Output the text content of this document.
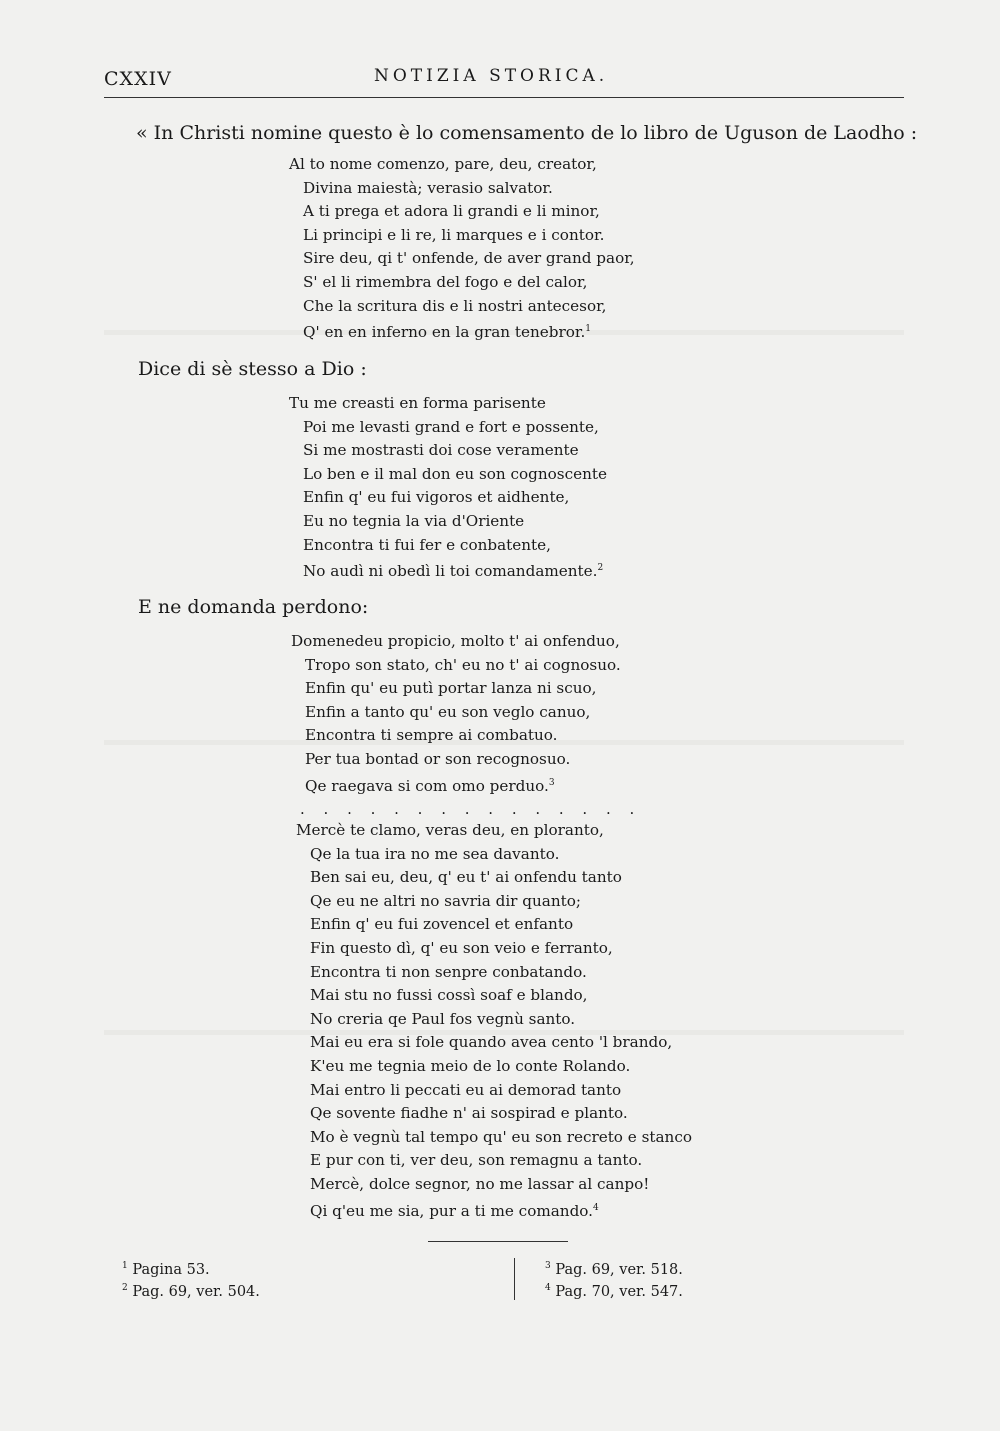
CXXIV	NOTIZIA STORICA.
« In Christi nomine questo è lo comensamento de lo libro de Uguson de Laodho :
Al to nome comenzo, pare, deu, creator,
Divina maiestà; verasio salvator.
A ti prega et adora li grandi e li minor,
Li principi e li re, li marques e i contor.
Sire deu, qi t' onfende, de aver grand paor,
S' el li rimembra del fogo e del calor,
Che la scritura dis e li nostri antecesor,
Q' en en inferno en la gran tenebror.$^1$
Dice di sè stesso a Dio :
Tu me creasti en forma parisente
Poi me levasti grand e fort e possente,
Si me mostrasti doi cose veramente
Lo ben e il mal don eu son cognoscente
Enfin q' eu fui vigoros et aidhente,
Eu no tegnia la via d'Oriente
Encontra ti fui fer e conbatente,
No audì ni obedì li toi comandamente.$^2$
E ne domanda perdono:
Domenedeu propicio, molto t' ai onfenduo,
Tropo son stato, ch' eu no t' ai cognosuo.
Enfin qu' eu putì portar lanza ni scuo,
Enfin a tanto qu' eu son veglo canuo,
Encontra ti sempre ai combatuo.
Per tua bontad or son recognosuo.
Qe raegava si com omo perduo.$^3$
. . . . . . . . . . . . . . .
Mercè te clamo, veras deu, en ploranto,
Qe la tua ira no me sea davanto.
Ben sai eu, deu, q' eu t' ai onfendu tanto
Qe eu ne altri no savria dir quanto;
Enfin q' eu fui zovencel et enfanto
Fin questo dì, q' eu son veio e ferranto,
Encontra ti non senpre conbatando.
Mai stu no fussi cossì soaf e blando,
No creria qe Paul fos vegnù santo.
Mai eu era si fole quando avea cento 'l brando,
K'eu me tegnia meio de lo conte Rolando.
Mai entro li peccati eu ai demorad tanto
Qe sovente fiadhe n' ai sospirad e planto.
Mo è vegnù tal tempo qu' eu son recreto e stanco
E pur con ti, ver deu, son remagnu a tanto.
Mercè, dolce segnor, no me lassar al canpo!
Qi q'eu me sia, pur a ti me comando.$^4$
$^1$ Pagina 53.
$^2$ Pag. 69, ver. 504.
$^3$ Pag. 69, ver. 518.
$^4$ Pag. 70, ver. 547.
